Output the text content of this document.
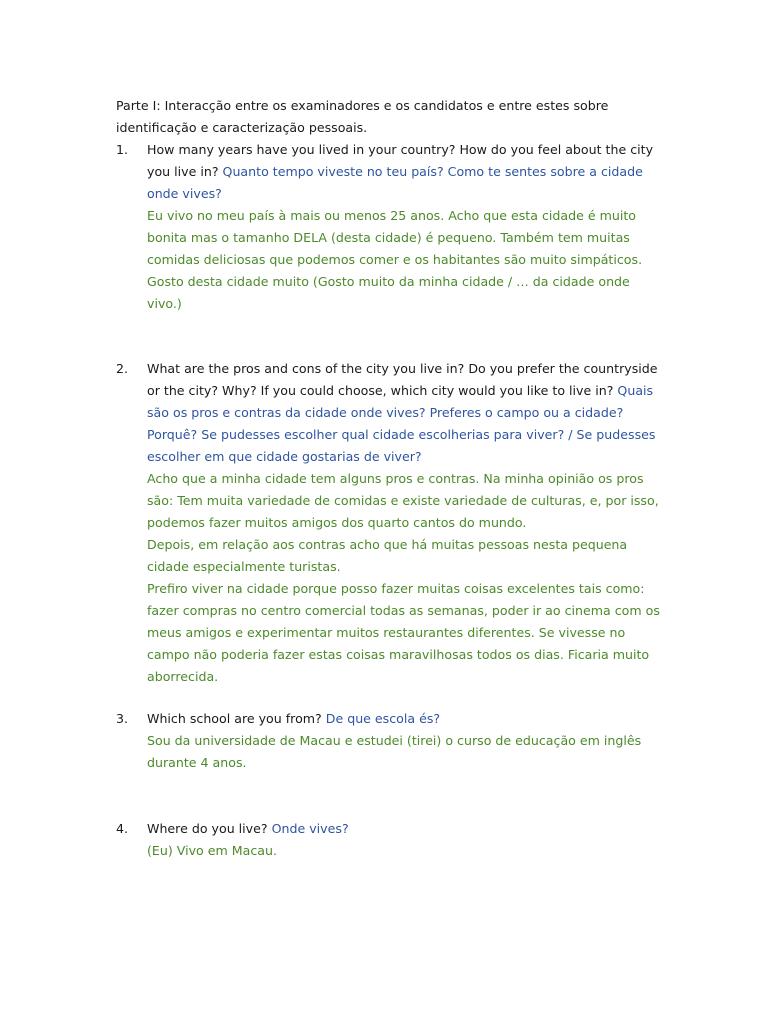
Parte I: Interacção entre os examinadores e os candidatos e entre estes sobre

identificação e caracterização pessoais.

1.	How many years have you lived in your country? How do you feel about the city you live in? Quanto tempo viveste no teu país? Como te sentes sobre a cidade onde vives?

Eu vivo no meu país à mais ou menos 25 anos. Acho que esta cidade é muito bonita mas o tamanho DELA (desta cidade) é pequeno. Também tem muitas comidas deliciosas que podemos comer e os habitantes são muito simpáticos. Gosto desta cidade muito (Gosto muito da minha cidade / … da cidade onde vivo.)

2.	What are the pros and cons of the city you live in? Do you prefer the countryside or the city? Why? If you could choose, which city would you like to live in? Quais são os pros e contras da cidade onde vives? Preferes o campo ou a cidade? Porquê? Se pudesses escolher qual cidade escolherias para viver? / Se pudesses escolher em que cidade gostarias de viver?

Acho que a minha cidade tem alguns pros e contras. Na minha opinião os pros são: Tem muita variedade de comidas e existe variedade de culturas, e, por isso, podemos fazer muitos amigos dos quarto cantos do mundo.

Depois, em relação aos contras acho que há muitas pessoas nesta pequena cidade especialmente turistas.

Prefiro viver na cidade porque posso fazer muitas coisas excelentes tais como: fazer compras no centro comercial todas as semanas, poder ir ao cinema com os meus amigos e experimentar muitos restaurantes diferentes. Se vivesse no campo não poderia fazer estas coisas maravilhosas todos os dias. Ficaria muito aborrecida.

3.	Which school are you from? De que escola és?

Sou da universidade de Macau e estudei (tirei) o curso de educação em inglês durante 4 anos.

4.	Where do you live? Onde vives?

(Eu) Vivo em Macau.
